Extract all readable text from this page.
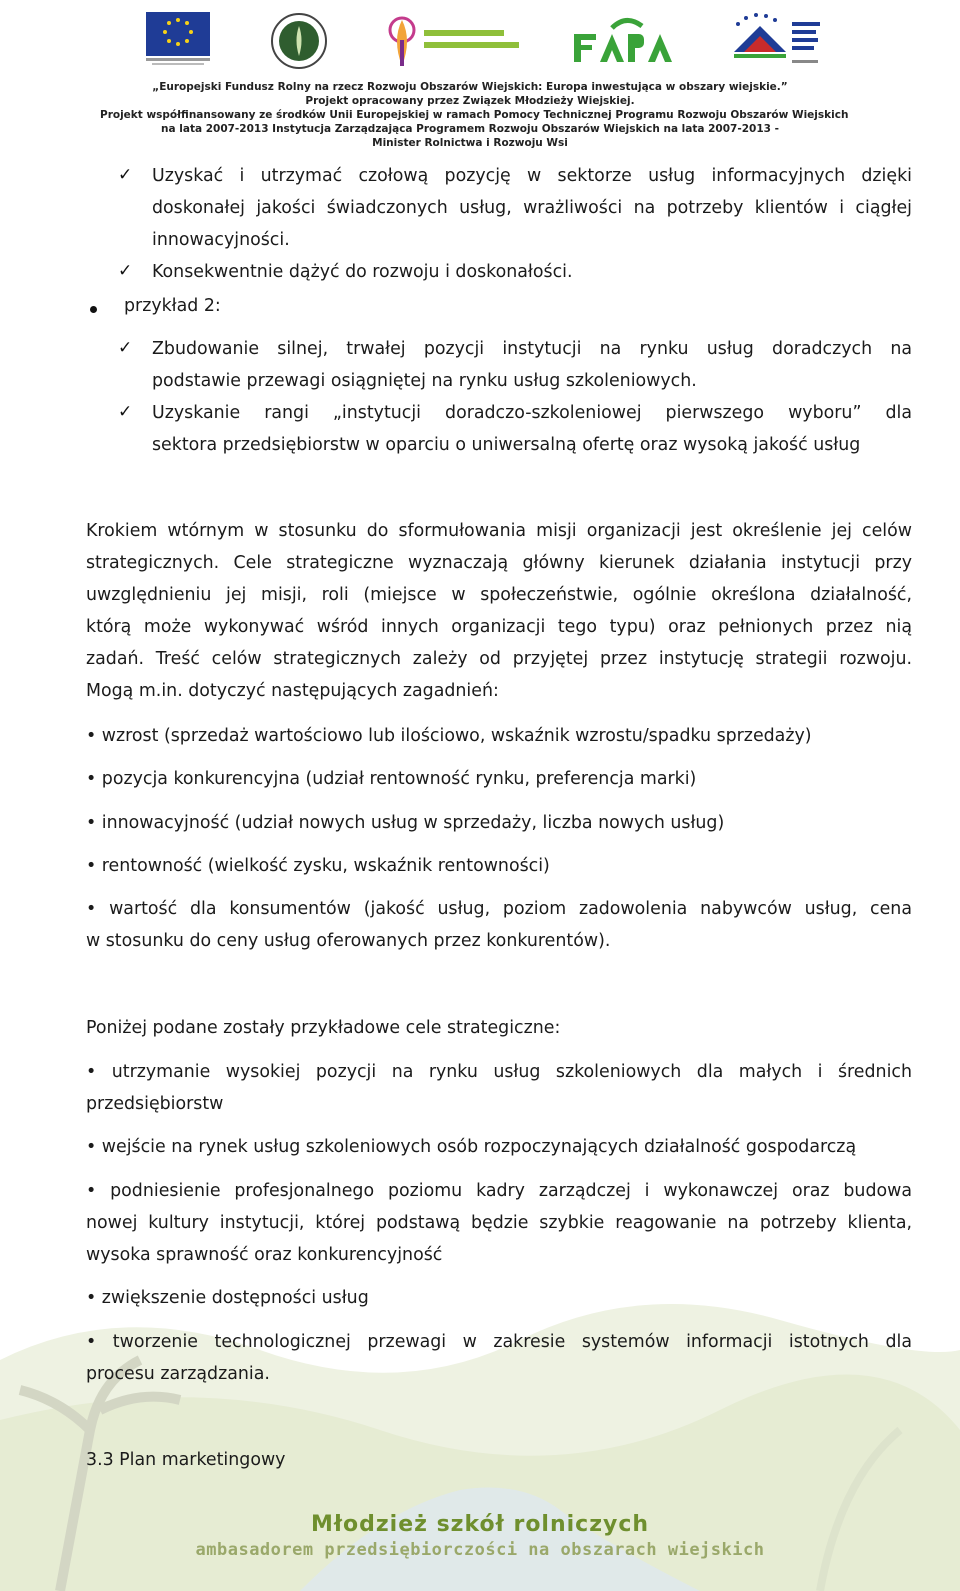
„Europejski Fundusz Rolny na rzecz Rozwoju Obszarów Wiejskich: Europa inwestująca w obszary wiejskie.”
Projekt opracowany przez Związek Młodzieży Wiejskiej.
Projekt współfinansowany ze środków Unii Europejskiej w ramach Pomocy Technicznej Programu Rozwoju Obszarów Wiejskich
na lata 2007-2013 Instytucja Zarządzająca Programem Rozwoju Obszarów Wiejskich na lata 2007-2013 -
Minister Rolnictwa i Rozwoju Wsi
✓ Uzyskać i utrzymać czołową pozycję w sektorze usług informacyjnych dzięki
doskonałej jakości świadczonych usług, wrażliwości na potrzeby klientów i ciągłej
innowacyjności.
✓ Konsekwentnie dążyć do rozwoju i doskonałości.
przykład 2:
✓ Zbudowanie silnej, trwałej pozycji instytucji na rynku usług doradczych na
podstawie przewagi osiągniętej na rynku usług szkoleniowych.
✓ Uzyskanie rangi „instytucji doradczo-szkoleniowej pierwszego wyboru” dla
sektora przedsiębiorstw w oparciu o uniwersalną ofertę oraz wysoką jakość usług
Krokiem wtórnym w stosunku do sformułowania misji organizacji jest określenie jej celów
strategicznych. Cele strategiczne wyznaczają główny kierunek działania instytucji przy
uwzględnieniu jej misji, roli (miejsce w społeczeństwie, ogólnie określona działalność,
którą może wykonywać wśród innych organizacji tego typu) oraz pełnionych przez nią
zadań. Treść celów strategicznych zależy od przyjętej przez instytucję strategii rozwoju.
Mogą m.in. dotyczyć następujących zagadnień:
• wzrost (sprzedaż wartościowo lub ilościowo, wskaźnik wzrostu/spadku sprzedaży)
• pozycja konkurencyjna (udział rentowność rynku, preferencja marki)
• innowacyjność (udział nowych usług w sprzedaży, liczba nowych usług)
• rentowność (wielkość zysku, wskaźnik rentowności)
• wartość dla konsumentów (jakość usług, poziom zadowolenia nabywców usług, cena
w stosunku do ceny usług oferowanych przez konkurentów).
Poniżej podane zostały przykładowe cele strategiczne:
• utrzymanie wysokiej pozycji na rynku usług szkoleniowych dla małych i średnich
przedsiębiorstw
• wejście na rynek usług szkoleniowych osób rozpoczynających działalność gospodarczą
• podniesienie profesjonalnego poziomu kadry zarządczej i wykonawczej oraz budowa
nowej kultury instytucji, której podstawą będzie szybkie reagowanie na potrzeby klienta,
wysoka sprawność oraz konkurencyjność
• zwiększenie dostępności usług
• tworzenie technologicznej przewagi w zakresie systemów informacji istotnych dla
procesu zarządzania.
3.3 Plan marketingowy
Młodzież szkół rolniczych
ambasadorem przedsiębiorczości na obszarach wiejskich
